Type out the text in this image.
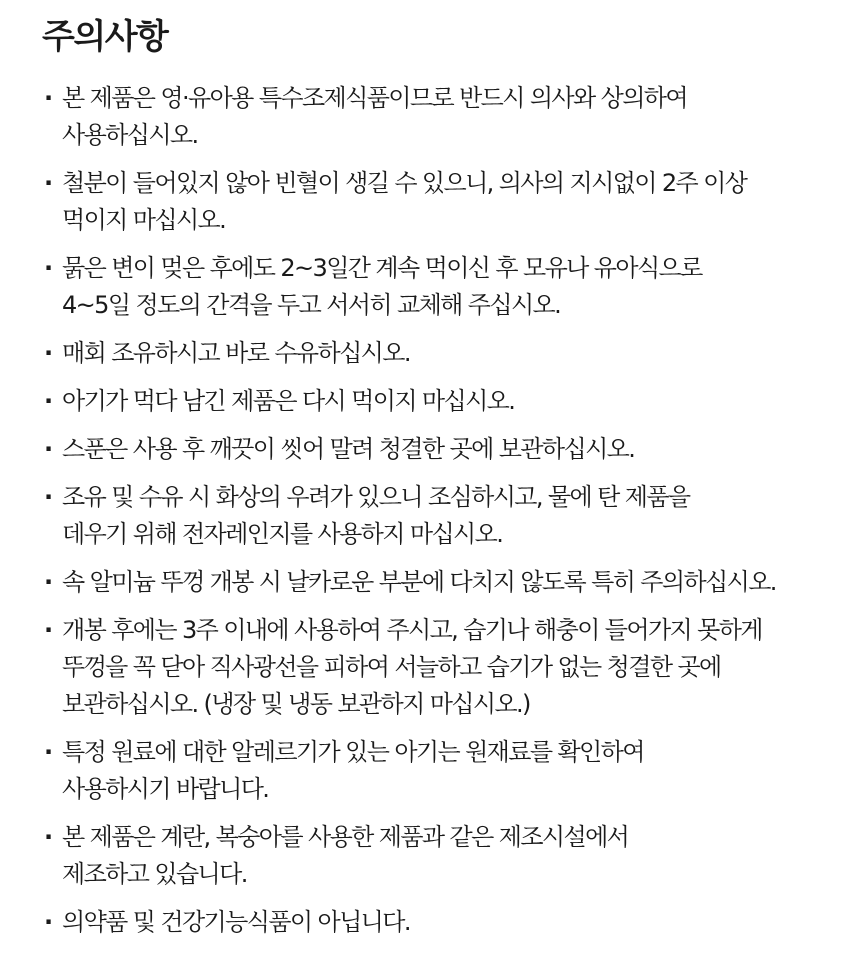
주의사항
· 본 제품은 영·유아용 특수조제식품이므로 반드시 의사와 상의하여
사용하십시오.
· 철분이 들어있지 않아 빈혈이 생길 수 있으니, 의사의 지시없이 2주 이상
먹이지 마십시오.
· 묽은 변이 멎은 후에도 2~3일간 계속 먹이신 후 모유나 유아식으로
4~5일 정도의 간격을 두고 서서히 교체해 주십시오.
· 매회 조유하시고 바로 수유하십시오.
· 아기가 먹다 남긴 제품은 다시 먹이지 마십시오.
· 스푼은 사용 후 깨끗이 씻어 말려 청결한 곳에 보관하십시오.
· 조유 및 수유 시 화상의 우려가 있으니 조심하시고, 물에 탄 제품을
데우기 위해 전자레인지를 사용하지 마십시오.
· 속 알미늄 뚜껑 개봉 시 날카로운 부분에 다치지 않도록 특히 주의하십시오.
· 개봉 후에는 3주 이내에 사용하여 주시고, 습기나 해충이 들어가지 못하게
뚜껑을 꼭 닫아 직사광선을 피하여 서늘하고 습기가 없는 청결한 곳에
보관하십시오. (냉장 및 냉동 보관하지 마십시오.)
· 특정 원료에 대한 알레르기가 있는 아기는 원재료를 확인하여
사용하시기 바랍니다.
· 본 제품은 계란, 복숭아를 사용한 제품과 같은 제조시설에서
제조하고 있습니다.
· 의약품 및 건강기능식품이 아닙니다.
